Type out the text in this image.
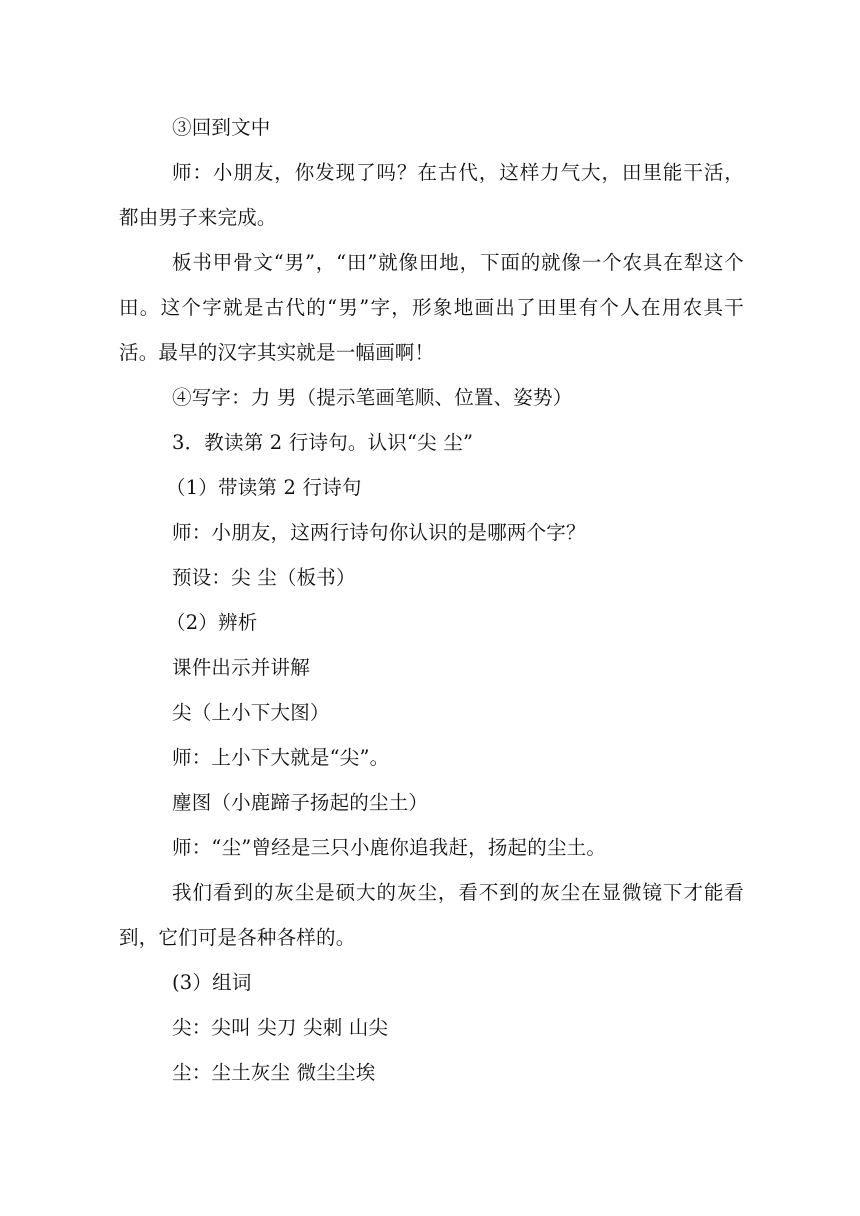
③回到文中
师：小朋友，你发现了吗？在古代，这样力气大，田里能干活，
都由男子来完成。
板书甲骨文“男”，“田”就像田地，下面的就像一个农具在犁这个
田。这个字就是古代的“男”字，形象地画出了田里有个人在用农具干
活。最早的汉字其实就是一幅画啊！
④写字：力 男（提示笔画笔顺、位置、姿势）
3．教读第 2 行诗句。认识“尖 尘”
（1）带读第 2 行诗句
师：小朋友，这两行诗句你认识的是哪两个字？
预设：尖 尘（板书）
（2）辨析
课件出示并讲解
尖（上小下大图）
师：上小下大就是“尖”。
麈图（小鹿蹄子扬起的尘土）
师：“尘”曾经是三只小鹿你追我赶，扬起的尘土。
我们看到的灰尘是硕大的灰尘，看不到的灰尘在显微镜下才能看
到，它们可是各种各样的。
(3）组词
尖：尖叫 尖刀 尖刺 山尖
尘：尘土灰尘 微尘尘埃
